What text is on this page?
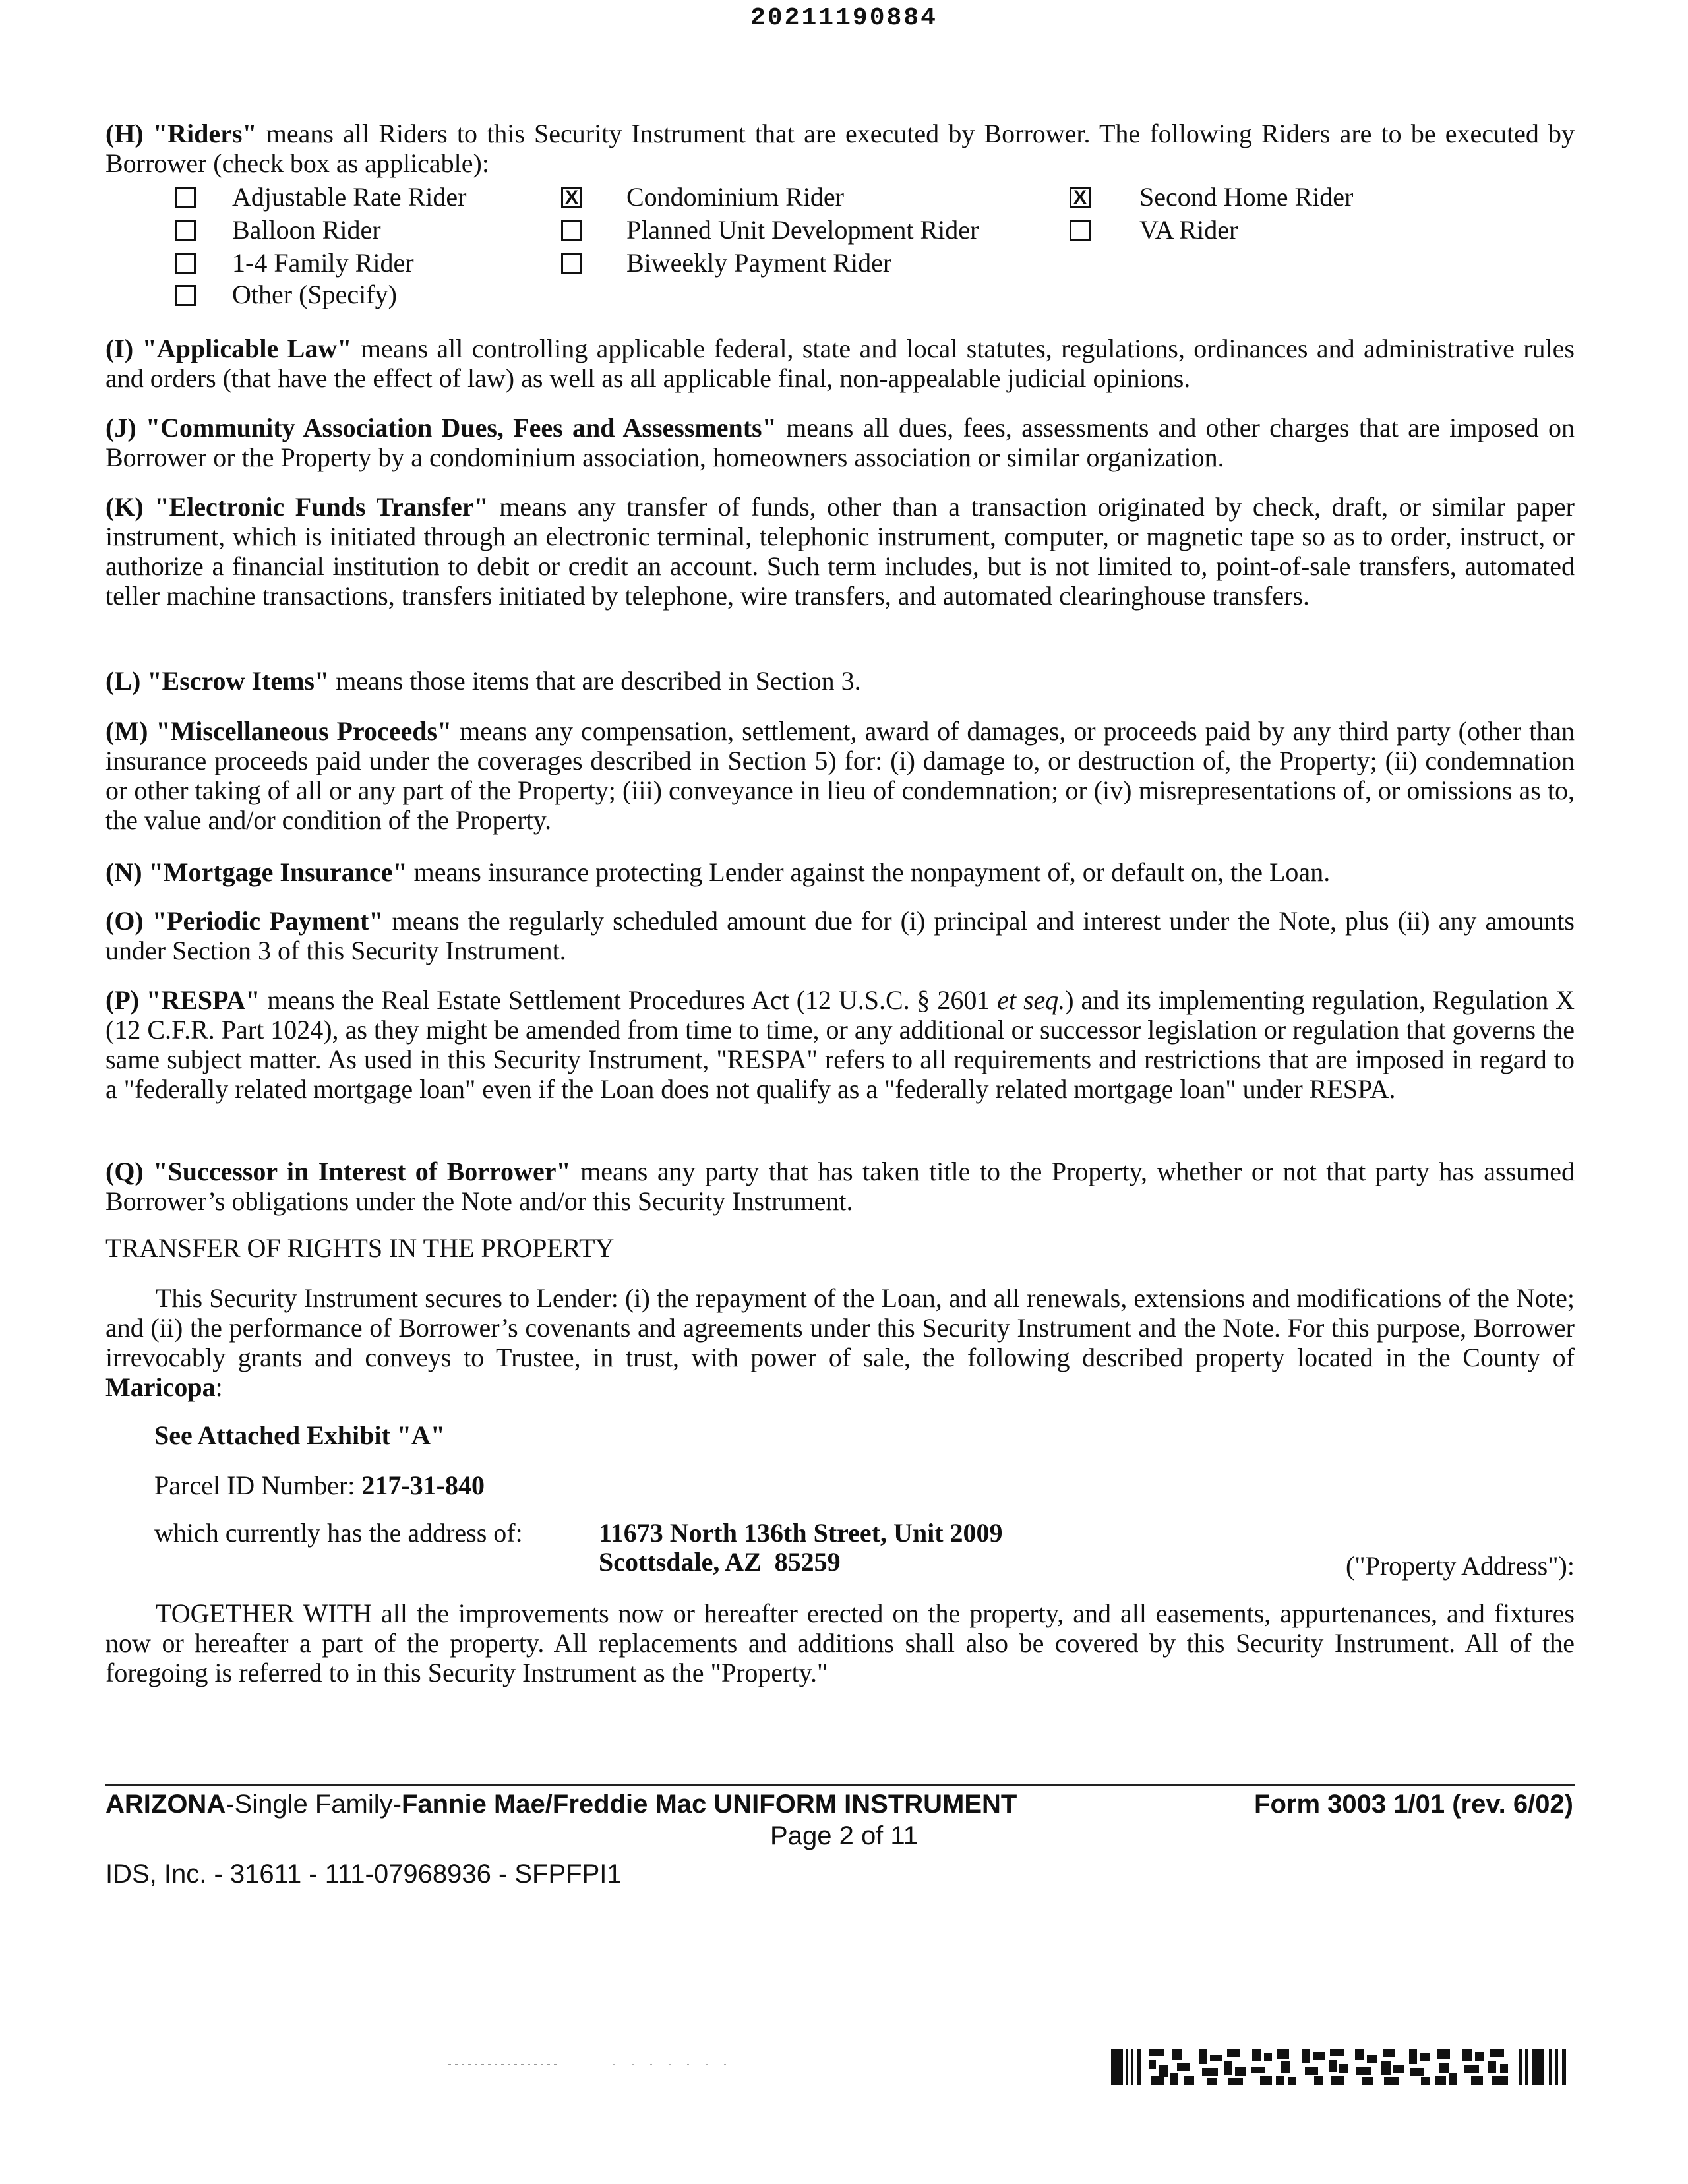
20211190884
(H) "Riders" means all Riders to this Security Instrument that are executed by Borrower. The following Riders are to be executed by Borrower (check box as applicable):
Adjustable Rate Rider	X Condominium Rider	X Second Home Rider
Balloon Rider	Planned Unit Development Rider	VA Rider
1-4 Family Rider	Biweekly Payment Rider
Other (Specify)
(I) "Applicable Law" means all controlling applicable federal, state and local statutes, regulations, ordinances and administrative rules and orders (that have the effect of law) as well as all applicable final, non-appealable judicial opinions.
(J) "Community Association Dues, Fees and Assessments" means all dues, fees, assessments and other charges that are imposed on Borrower or the Property by a condominium association, homeowners association or similar organization.
(K) "Electronic Funds Transfer" means any transfer of funds, other than a transaction originated by check, draft, or similar paper instrument, which is initiated through an electronic terminal, telephonic instrument, computer, or magnetic tape so as to order, instruct, or authorize a financial institution to debit or credit an account. Such term includes, but is not limited to, point-of-sale transfers, automated teller machine transactions, transfers initiated by telephone, wire transfers, and automated clearinghouse transfers.
(L) "Escrow Items" means those items that are described in Section 3.
(M) "Miscellaneous Proceeds" means any compensation, settlement, award of damages, or proceeds paid by any third party (other than insurance proceeds paid under the coverages described in Section 5) for: (i) damage to, or destruction of, the Property; (ii) condemnation or other taking of all or any part of the Property; (iii) conveyance in lieu of condemnation; or (iv) misrepresentations of, or omissions as to, the value and/or condition of the Property.
(N) "Mortgage Insurance" means insurance protecting Lender against the nonpayment of, or default on, the Loan.
(O) "Periodic Payment" means the regularly scheduled amount due for (i) principal and interest under the Note, plus (ii) any amounts under Section 3 of this Security Instrument.
(P) "RESPA" means the Real Estate Settlement Procedures Act (12 U.S.C. § 2601 et seq.) and its implementing regulation, Regulation X (12 C.F.R. Part 1024), as they might be amended from time to time, or any additional or successor legislation or regulation that governs the same subject matter. As used in this Security Instrument, "RESPA" refers to all requirements and restrictions that are imposed in regard to a "federally related mortgage loan" even if the Loan does not qualify as a "federally related mortgage loan" under RESPA.
(Q) "Successor in Interest of Borrower" means any party that has taken title to the Property, whether or not that party has assumed Borrower’s obligations under the Note and/or this Security Instrument.
TRANSFER OF RIGHTS IN THE PROPERTY
This Security Instrument secures to Lender: (i) the repayment of the Loan, and all renewals, extensions and modifications of the Note; and (ii) the performance of Borrower’s covenants and agreements under this Security Instrument and the Note. For this purpose, Borrower irrevocably grants and conveys to Trustee, in trust, with power of sale, the following described property located in the County of Maricopa:
See Attached Exhibit "A"
Parcel ID Number: 217-31-840
which currently has the address of:	11673 North 136th Street, Unit 2009
Scottsdale, AZ  85259	("Property Address"):
TOGETHER WITH all the improvements now or hereafter erected on the property, and all easements, appurtenances, and fixtures now or hereafter a part of the property. All replacements and additions shall also be covered by this Security Instrument. All of the foregoing is referred to in this Security Instrument as the "Property."
ARIZONA-Single Family-Fannie Mae/Freddie Mac UNIFORM INSTRUMENT	Form 3003 1/01 (rev. 6/02)
Page 2 of 11
IDS, Inc. - 31611 - 111-07968936 - SFPFPI1
